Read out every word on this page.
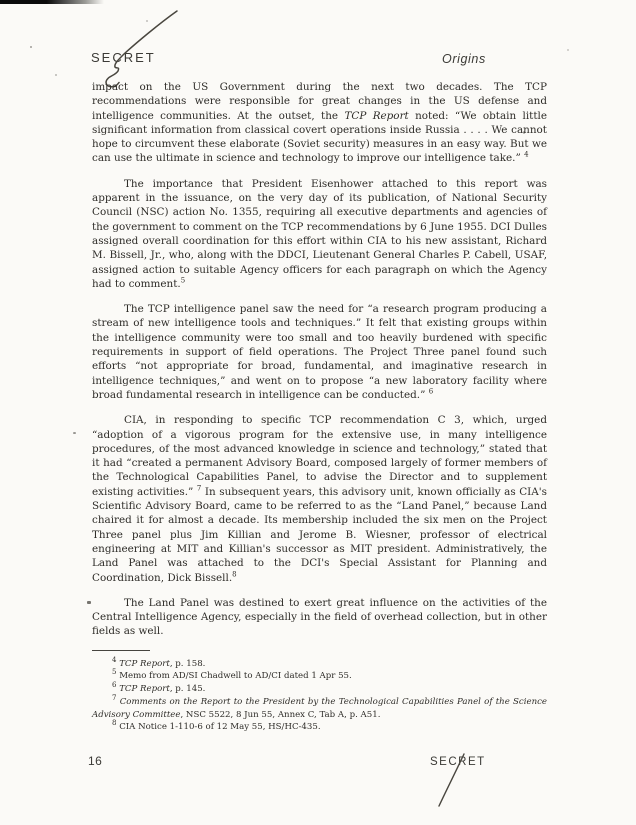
SECRET	Origins

impact on the US Government during the next two decades. The TCP recommendations were responsible for great changes in the US defense and intelligence communities. At the outset, the TCP Report noted: “We obtain little significant information from classical covert operations inside Russia . . . . We cannot hope to circumvent these elaborate (Soviet security) measures in an easy way. But we can use the ultimate in science and technology to improve our intelligence take.” $^4$

The importance that President Eisenhower attached to this report was apparent in the issuance, on the very day of its publication, of National Security Council (NSC) action No. 1355, requiring all executive departments and agencies of the government to comment on the TCP recommendations by 6 June 1955. DCI Dulles assigned overall coordination for this effort within CIA to his new assistant, Richard M. Bissell, Jr., who, along with the DDCI, Lieutenant General Charles P. Cabell, USAF, assigned action to suitable Agency officers for each paragraph on which the Agency had to comment.$^5$

The TCP intelligence panel saw the need for “a research program producing a stream of new intelligence tools and techniques.” It felt that existing groups within the intelligence community were too small and too heavily burdened with specific requirements in support of field operations. The Project Three panel found such efforts “not appropriate for broad, fundamental, and imaginative research in intelligence techniques,” and went on to propose “a new laboratory facility where broad fundamental research in intelligence can be conducted.” $^6$

CIA, in responding to specific TCP recommendation C 3, which, urged “adoption of a vigorous program for the extensive use, in many intelligence procedures, of the most advanced knowledge in science and technology,” stated that it had “created a permanent Advisory Board, composed largely of former members of the Technological Capabilities Panel, to advise the Director and to supplement existing activities.” $^7$ In subsequent years, this advisory unit, known officially as CIA's Scientific Advisory Board, came to be referred to as the “Land Panel,” because Land chaired it for almost a decade. Its membership included the six men on the Project Three panel plus Jim Killian and Jerome B. Wiesner, professor of electrical engineering at MIT and Killian's successor as MIT president. Administratively, the Land Panel was attached to the DCI's Special Assistant for Planning and Coordination, Dick Bissell.$^8$

The Land Panel was destined to exert great influence on the activities of the Central Intelligence Agency, especially in the field of overhead collection, but in other fields as well.

$^4$ TCP Report, p. 158.

$^5$ Memo from AD/SI Chadwell to AD/CI dated 1 Apr 55.

$^6$ TCP Report, p. 145.

$^7$ Comments on the Report to the President by the Technological Capabilities Panel of the Science Advisory Committee, NSC 5522, 8 Jun 55, Annex C, Tab A, p. A51.

$^8$ CIA Notice 1-110-6 of 12 May 55, HS/HC-435.

16	SECRET
